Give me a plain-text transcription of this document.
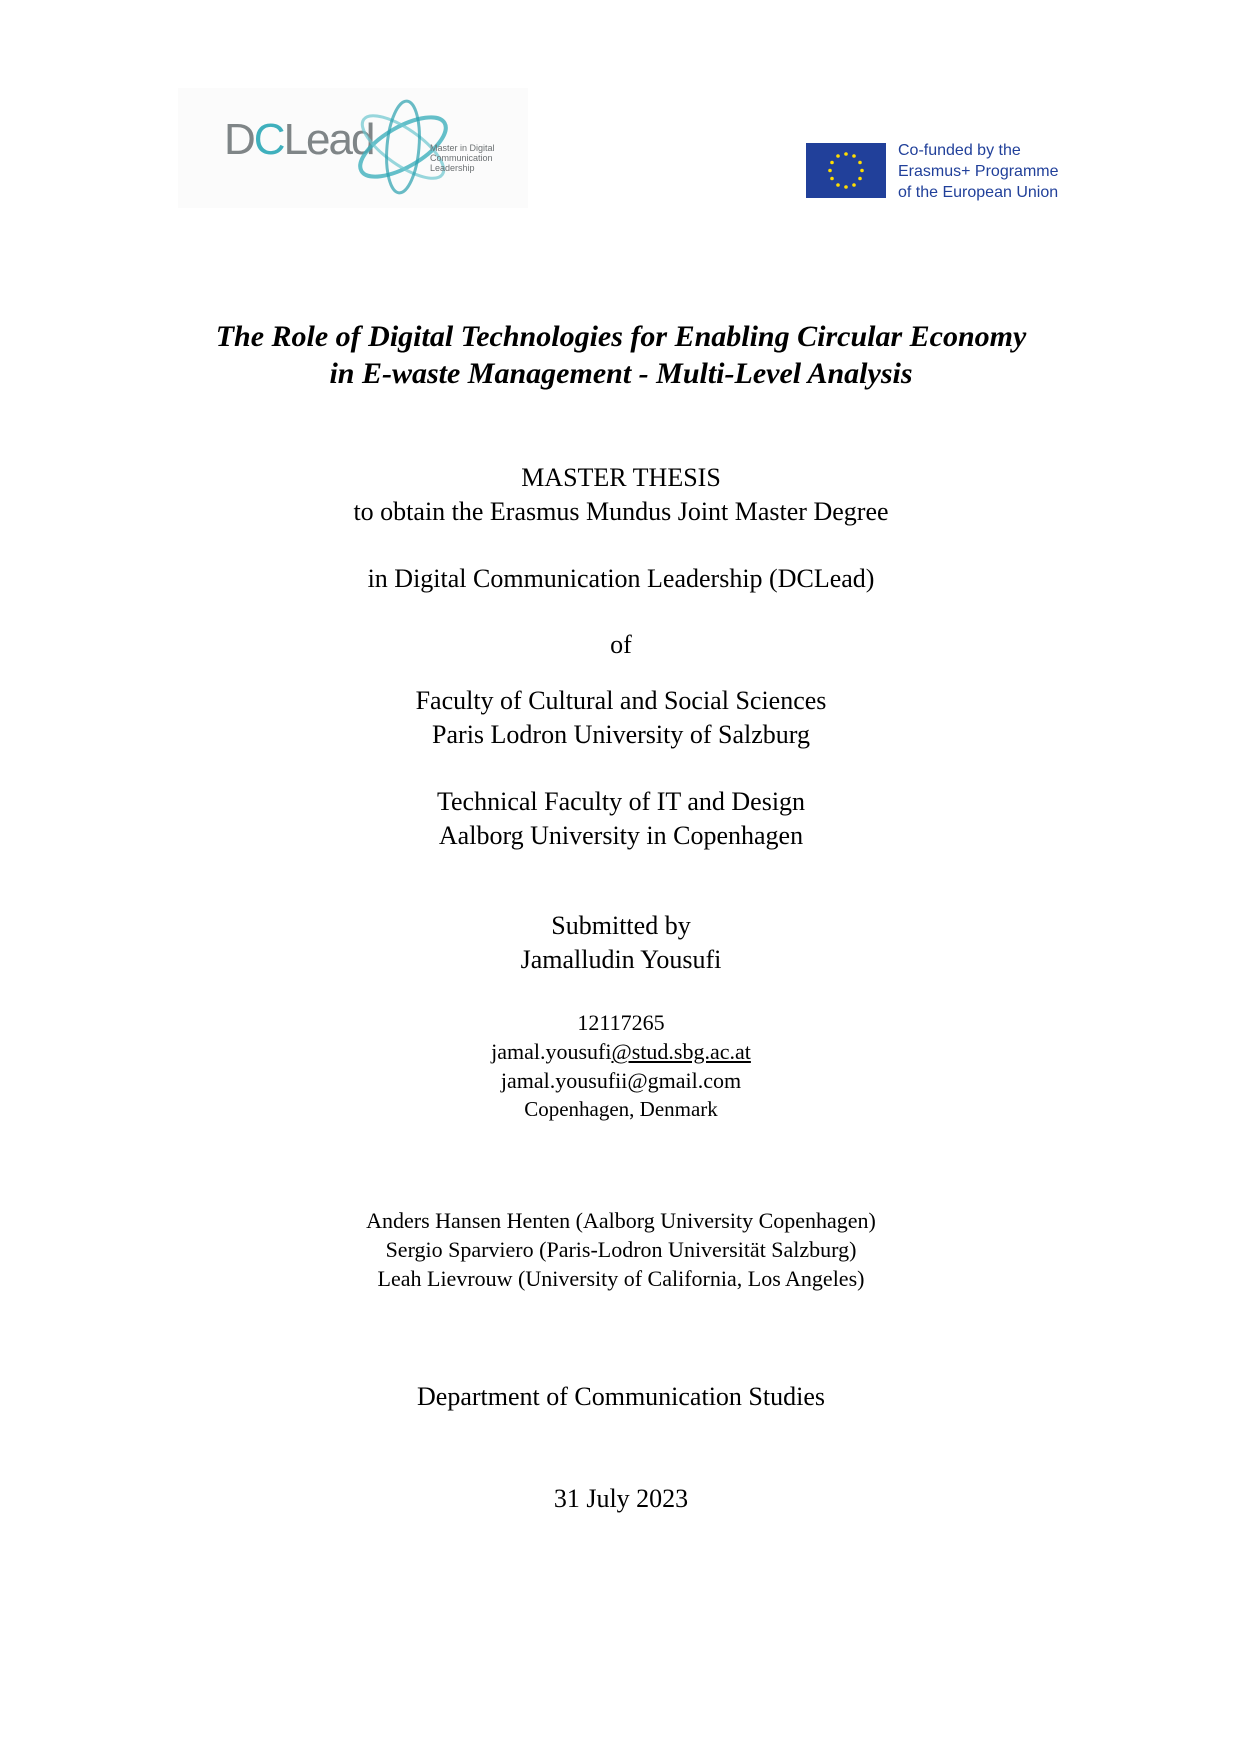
DCLead	Master in Digital
Communication
Leadership
Co-funded by the
Erasmus+ Programme
of the European Union
The Role of Digital Technologies for Enabling Circular Economy
in E-waste Management - Multi-Level Analysis
MASTER THESIS
to obtain the Erasmus Mundus Joint Master Degree
in Digital Communication Leadership (DCLead)
of
Faculty of Cultural and Social Sciences
Paris Lodron University of Salzburg
Technical Faculty of IT and Design
Aalborg University in Copenhagen
Submitted by
Jamalludin Yousufi
12117265
jamal.yousufi@stud.sbg.ac.at
jamal.yousufii@gmail.com
Copenhagen, Denmark
Anders Hansen Henten (Aalborg University Copenhagen)
Sergio Sparviero (Paris-Lodron Universität Salzburg)
Leah Lievrouw (University of California, Los Angeles)
Department of Communication Studies
31 July 2023
